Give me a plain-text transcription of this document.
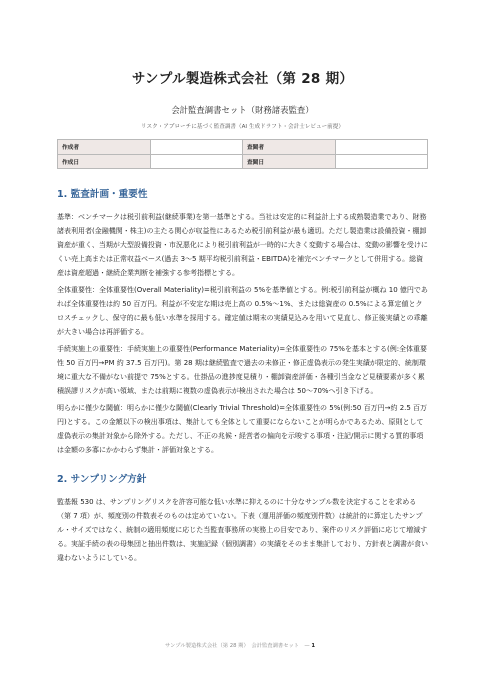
サンプル製造株式会社（第 28 期）
会計監査調書セット（財務諸表監査）
リスク・アプローチに基づく監査調書（AI 生成ドラフト・会計士レビュー前提）
作成者		査閲者	
作成日		査閲日	
1. 監査計画・重要性

基準：ベンチマークは税引前利益(継続事業)を第一基準とする。当社は安定的に利益計上する成熟製造業であり、財務諸表利用者(金融機関・株主)の主たる関心が収益性にあるため税引前利益が最も適切。ただし製造業は設備投資・棚卸資産が重く、当期が大型設備投資・市況悪化により税引前利益が一時的に大きく変動する場合は、変動の影響を受けにくい売上高または正常収益ベース(過去 3〜5 期平均税引前利益・EBITDA)を補完ベンチマークとして併用する。総資産は資産超過・継続企業判断を補強する参考指標とする。

全体重要性：全体重要性(Overall Materiality)=税引前利益の 5%を基準値とする。例:税引前利益が概ね 10 億円であれば全体重要性は約 50 百万円。利益が不安定な期は売上高の 0.5%〜1%、または総資産の 0.5%による算定値とクロスチェックし、保守的に最も低い水準を採用する。確定値は期末の実績見込みを用いて見直し、修正後実績との乖離が大きい場合は再評価する。

手続実施上の重要性：手続実施上の重要性(Performance Materiality)=全体重要性の 75%を基本とする(例:全体重要性 50 百万円→PM 約 37.5 百万円)。第 28 期は継続監査で過去の未修正・修正虚偽表示の発生実績が限定的、統制環境に重大な不備がない前提で 75%とする。仕掛品の進捗度見積り・棚卸資産評価・各種引当金など見積要素が多く累積誤謬リスクが高い領域、または前期に複数の虚偽表示が検出された場合は 50〜70%へ引き下げる。

明らかに僅少な閾値：明らかに僅少な閾値(Clearly Trivial Threshold)=全体重要性の 5%(例:50 百万円→約 2.5 百万円)とする。この金額以下の検出事項は、集計しても全体として重要にならないことが明らかであるため、原則として虚偽表示の集計対象から除外する。ただし、不正の兆候・経営者の偏向を示唆する事項・注記/開示に関する質的事項は金額の多寡にかかわらず集計・評価対象とする。

2. サンプリング方針

監基報 530 は、サンプリングリスクを許容可能な低い水準に抑えるのに十分なサンプル数を決定することを求める（第 7 項）が、頻度別の件数表そのものは定めていない。下表（運用評価の頻度別件数）は統計的に算定したサンプル・サイズではなく、統制の適用頻度に応じた当監査事務所の実務上の目安であり、案件のリスク評価に応じて増減する。実証手続の表の母集団と抽出件数は、実施記録（個別調書）の実績をそのまま集計しており、方針表と調書が食い違わないようにしている。

サンプル製造株式会社（第 28 期）　会計監査調書セット　— 1
